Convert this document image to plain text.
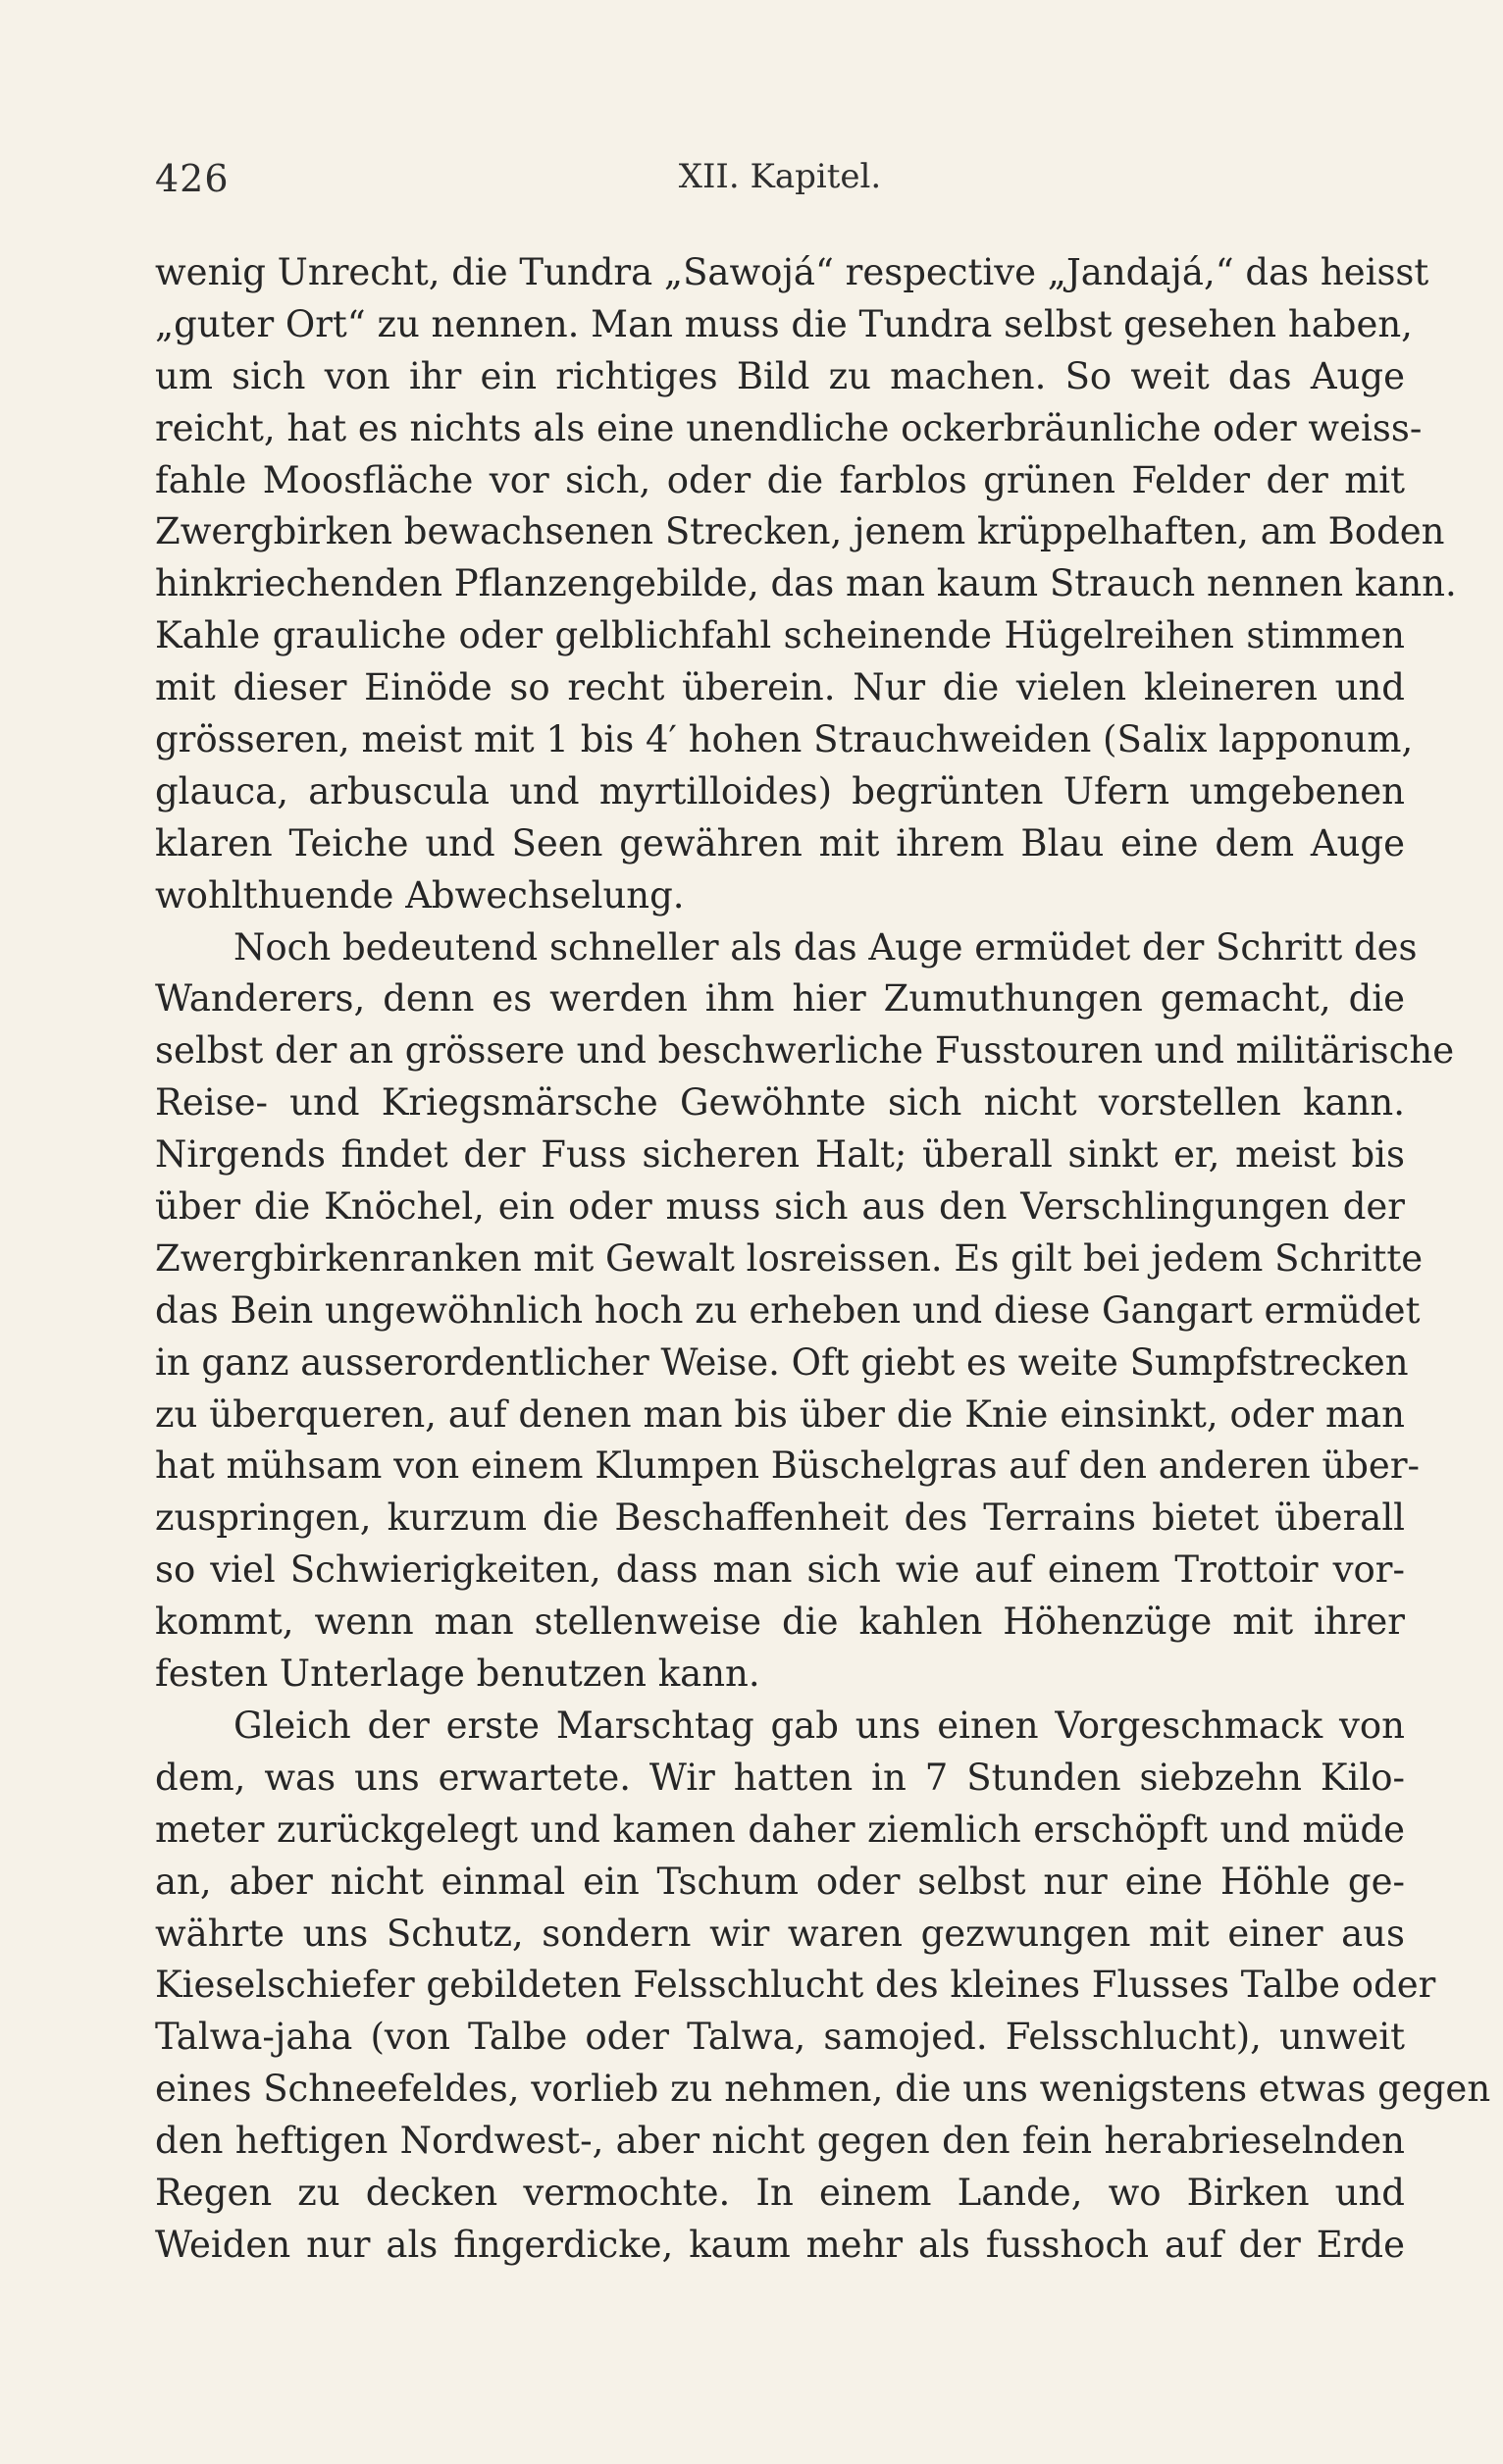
426	XII. Kapitel.
wenig Unrecht, die Tundra „Sawojá“ respective „Jandajá,“ das heisst
„guter Ort“ zu nennen. Man muss die Tundra selbst gesehen haben,
um sich von ihr ein richtiges Bild zu machen. So weit das Auge
reicht, hat es nichts als eine unendliche ockerbräunliche oder weiss-
fahle Moosfläche vor sich, oder die farblos grünen Felder der mit
Zwergbirken bewachsenen Strecken, jenem krüppelhaften, am Boden
hinkriechenden Pflanzengebilde, das man kaum Strauch nennen kann.
Kahle grauliche oder gelblichfahl scheinende Hügelreihen stimmen
mit dieser Einöde so recht überein. Nur die vielen kleineren und
grösseren, meist mit 1 bis 4′ hohen Strauchweiden (Salix lapponum,
glauca, arbuscula und myrtilloides) begrünten Ufern umgebenen
klaren Teiche und Seen gewähren mit ihrem Blau eine dem Auge
wohlthuende Abwechselung.
Noch bedeutend schneller als das Auge ermüdet der Schritt des
Wanderers, denn es werden ihm hier Zumuthungen gemacht, die
selbst der an grössere und beschwerliche Fusstouren und militärische
Reise- und Kriegsmärsche Gewöhnte sich nicht vorstellen kann.
Nirgends findet der Fuss sicheren Halt; überall sinkt er, meist bis
über die Knöchel, ein oder muss sich aus den Verschlingungen der
Zwergbirkenranken mit Gewalt losreissen. Es gilt bei jedem Schritte
das Bein ungewöhnlich hoch zu erheben und diese Gangart ermüdet
in ganz ausserordentlicher Weise. Oft giebt es weite Sumpfstrecken
zu überqueren, auf denen man bis über die Knie einsinkt, oder man
hat mühsam von einem Klumpen Büschelgras auf den anderen über-
zuspringen, kurzum die Beschaffenheit des Terrains bietet überall
so viel Schwierigkeiten, dass man sich wie auf einem Trottoir vor-
kommt, wenn man stellenweise die kahlen Höhenzüge mit ihrer
festen Unterlage benutzen kann.
Gleich der erste Marschtag gab uns einen Vorgeschmack von
dem, was uns erwartete. Wir hatten in 7 Stunden siebzehn Kilo-
meter zurückgelegt und kamen daher ziemlich erschöpft und müde
an, aber nicht einmal ein Tschum oder selbst nur eine Höhle ge-
währte uns Schutz, sondern wir waren gezwungen mit einer aus
Kieselschiefer gebildeten Felsschlucht des kleines Flusses Talbe oder
Talwa-jaha (von Talbe oder Talwa, samojed. Felsschlucht), unweit
eines Schneefeldes, vorlieb zu nehmen, die uns wenigstens etwas gegen
den heftigen Nordwest-, aber nicht gegen den fein herabrieselnden
Regen zu decken vermochte. In einem Lande, wo Birken und
Weiden nur als fingerdicke, kaum mehr als fusshoch auf der Erde
